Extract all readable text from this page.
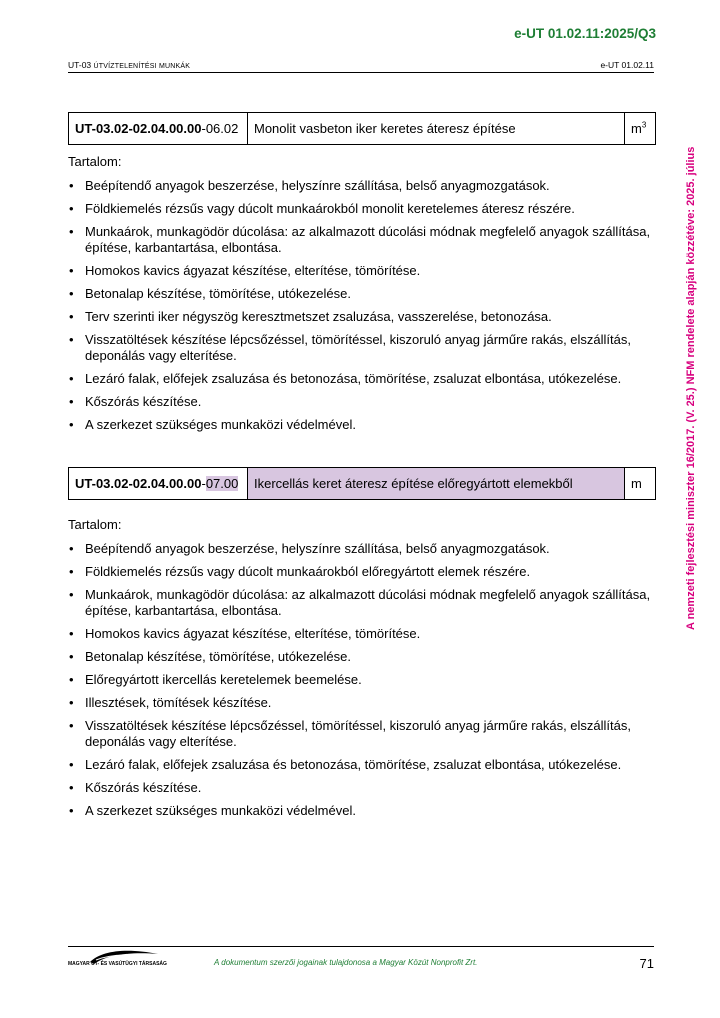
e-UT 01.02.11:2025/Q3
UT-03 ÚTVÍZTELENÍTÉSI MUNKÁK	e-UT 01.02.11
A nemzeti fejlesztési miniszter 16/2017. (V. 25.) NFM rendelete alapján közzétéve: 2025. július
UT-03.02-02.04.00.00-06.02	Monolit vasbeton iker keretes áteresz építése	$m^3$
Tartalom:
• Beépítendő anyagok beszerzése, helyszínre szállítása, belső anyagmozgatások.
• Földkiemelés rézsűs vagy dúcolt munkaárokból monolit keretelemes áteresz részére.
• Munkaárok, munkagödör dúcolása: az alkalmazott dúcolási módnak megfelelő anyagok szállítása, építése, karbantartása, elbontása.
• Homokos kavics ágyazat készítése, elterítése, tömörítése.
• Betonalap készítése, tömörítése, utókezelése.
• Terv szerinti iker négyszög keresztmetszet zsaluzása, vasszerelése, betonozása.
• Visszatöltések készítése lépcsőzéssel, tömörítéssel, kiszoruló anyag járműre rakás, elszállítás, deponálás vagy elterítése.
• Lezáró falak, előfejek zsaluzása és betonozása, tömörítése, zsaluzat elbontása, utókezelése.
• Kőszórás készítése.
• A szerkezet szükséges munkaközi védelmével.
UT-03.02-02.04.00.00-07.00	Ikercellás keret áteresz építése előregyártott elemekből	m
Tartalom:
• Beépítendő anyagok beszerzése, helyszínre szállítása, belső anyagmozgatások.
• Földkiemelés rézsűs vagy dúcolt munkaárokból előregyártott elemek részére.
• Munkaárok, munkagödör dúcolása: az alkalmazott dúcolási módnak megfelelő anyagok szállítása, építése, karbantartása, elbontása.
• Homokos kavics ágyazat készítése, elterítése, tömörítése.
• Betonalap készítése, tömörítése, utókezelése.
• Előregyártott ikercellás keretelemek beemelése.
• Illesztések, tömítések készítése.
• Visszatöltések készítése lépcsőzéssel, tömörítéssel, kiszoruló anyag járműre rakás, elszállítás, deponálás vagy elterítése.
• Lezáró falak, előfejek zsaluzása és betonozása, tömörítése, zsaluzat elbontása, utókezelése.
• Kőszórás készítése.
• A szerkezet szükséges munkaközi védelmével.
MAGYAR ÚT- ÉS VASÚTÜGYI TÁRSASÁG	A dokumentum szerzői jogainak tulajdonosa a Magyar Közút Nonprofit Zrt.	71
